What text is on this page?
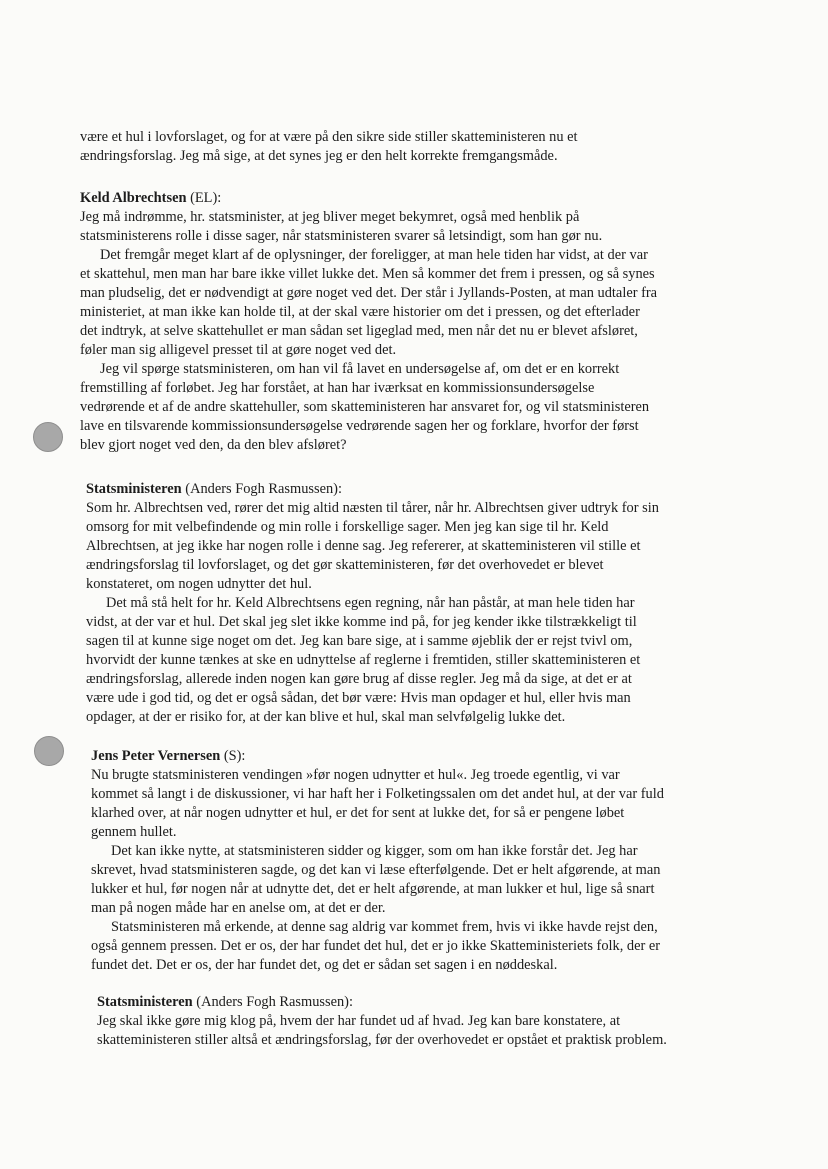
være et hul i lovforslaget, og for at være på den sikre side stiller skatteministeren nu et
ændringsforslag. Jeg må sige, at det synes jeg er den helt korrekte fremgangsmåde.
Keld Albrechtsen (EL):
Jeg må indrømme, hr. statsminister, at jeg bliver meget bekymret, også med henblik på
statsministerens rolle i disse sager, når statsministeren svarer så letsindigt, som han gør nu.
Det fremgår meget klart af de oplysninger, der foreligger, at man hele tiden har vidst, at der var
et skattehul, men man har bare ikke villet lukke det. Men så kommer det frem i pressen, og så synes
man pludselig, det er nødvendigt at gøre noget ved det. Der står i Jyllands-Posten, at man udtaler fra
ministeriet, at man ikke kan holde til, at der skal være historier om det i pressen, og det efterlader
det indtryk, at selve skattehullet er man sådan set ligeglad med, men når det nu er blevet afsløret,
føler man sig alligevel presset til at gøre noget ved det.
Jeg vil spørge statsministeren, om han vil få lavet en undersøgelse af, om det er en korrekt
fremstilling af forløbet. Jeg har forstået, at han har iværksat en kommissionsundersøgelse
vedrørende et af de andre skattehuller, som skatteministeren har ansvaret for, og vil statsministeren
lave en tilsvarende kommissionsundersøgelse vedrørende sagen her og forklare, hvorfor der først
blev gjort noget ved den, da den blev afsløret?
Statsministeren (Anders Fogh Rasmussen):
Som hr. Albrechtsen ved, rører det mig altid næsten til tårer, når hr. Albrechtsen giver udtryk for sin
omsorg for mit velbefindende og min rolle i forskellige sager. Men jeg kan sige til hr. Keld
Albrechtsen, at jeg ikke har nogen rolle i denne sag. Jeg refererer, at skatteministeren vil stille et
ændringsforslag til lovforslaget, og det gør skatteministeren, før det overhovedet er blevet
konstateret, om nogen udnytter det hul.
Det må stå helt for hr. Keld Albrechtsens egen regning, når han påstår, at man hele tiden har
vidst, at der var et hul. Det skal jeg slet ikke komme ind på, for jeg kender ikke tilstrækkeligt til
sagen til at kunne sige noget om det. Jeg kan bare sige, at i samme øjeblik der er rejst tvivl om,
hvorvidt der kunne tænkes at ske en udnyttelse af reglerne i fremtiden, stiller skatteministeren et
ændringsforslag, allerede inden nogen kan gøre brug af disse regler. Jeg må da sige, at det er at
være ude i god tid, og det er også sådan, det bør være: Hvis man opdager et hul, eller hvis man
opdager, at der er risiko for, at der kan blive et hul, skal man selvfølgelig lukke det.
Jens Peter Vernersen (S):
Nu brugte statsministeren vendingen »før nogen udnytter et hul«. Jeg troede egentlig, vi var
kommet så langt i de diskussioner, vi har haft her i Folketingssalen om det andet hul, at der var fuld
klarhed over, at når nogen udnytter et hul, er det for sent at lukke det, for så er pengene løbet
gennem hullet.
Det kan ikke nytte, at statsministeren sidder og kigger, som om han ikke forstår det. Jeg har
skrevet, hvad statsministeren sagde, og det kan vi læse efterfølgende. Det er helt afgørende, at man
lukker et hul, før nogen når at udnytte det, det er helt afgørende, at man lukker et hul, lige så snart
man på nogen måde har en anelse om, at det er der.
Statsministeren må erkende, at denne sag aldrig var kommet frem, hvis vi ikke havde rejst den,
også gennem pressen. Det er os, der har fundet det hul, det er jo ikke Skatteministeriets folk, der er
fundet det. Det er os, der har fundet det, og det er sådan set sagen i en nøddeskal.
Statsministeren (Anders Fogh Rasmussen):
Jeg skal ikke gøre mig klog på, hvem der har fundet ud af hvad. Jeg kan bare konstatere, at
skatteministeren stiller altså et ændringsforslag, før der overhovedet er opstået et praktisk problem.
